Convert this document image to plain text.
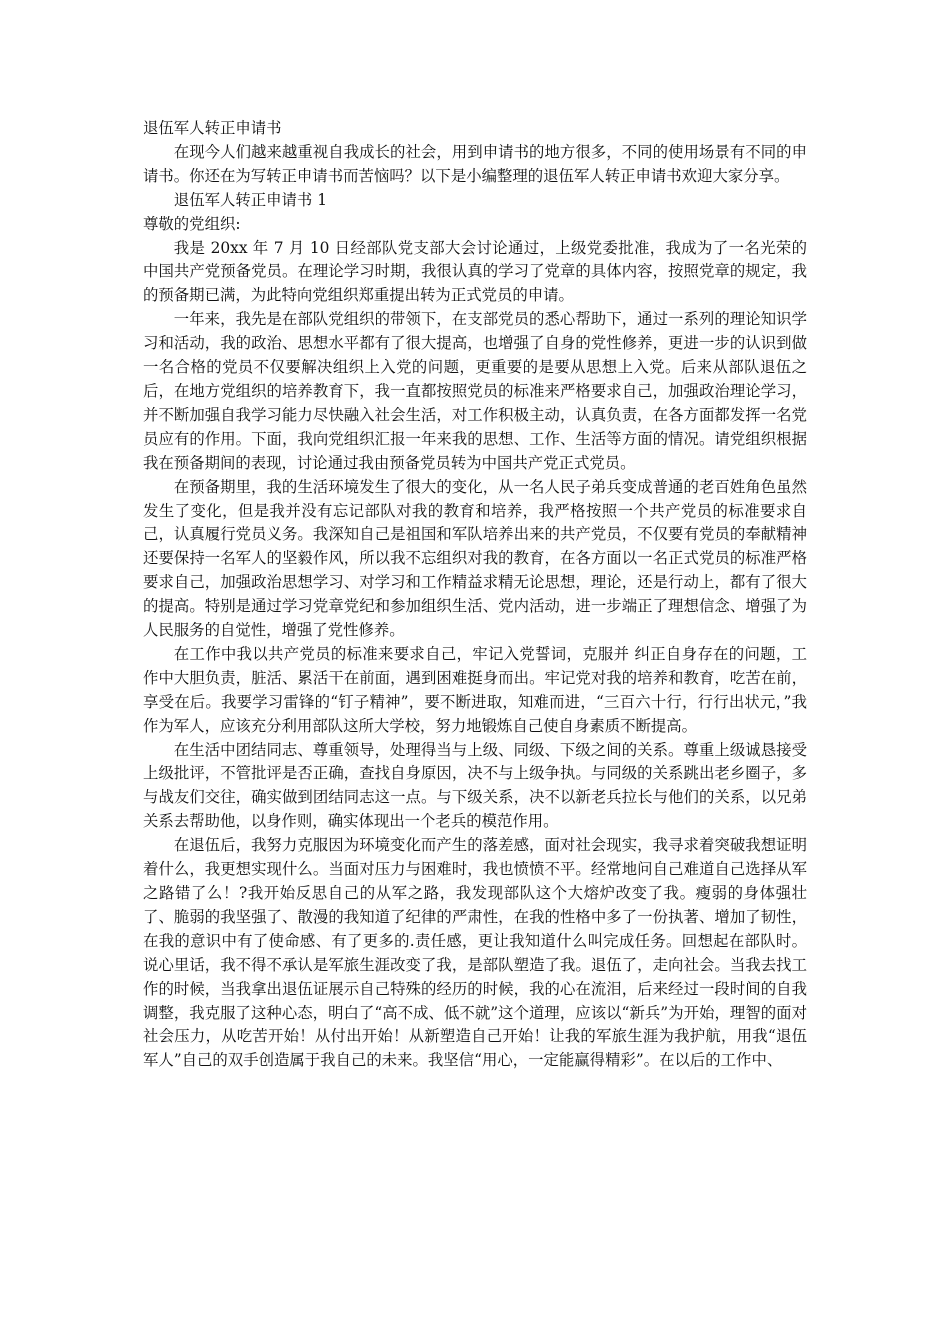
退伍军人转正申请书

在现今人们越来越重视自我成长的社会，用到申请书的地方很多，不同的使用场景有不同的申请书。你还在为写转正申请书而苦恼吗？以下是小编整理的退伍军人转正申请书欢迎大家分享。

退伍军人转正申请书 1

尊敬的党组织:

我是 20xx 年 7 月 10 日经部队党支部大会讨论通过，上级党委批准，我成为了一名光荣的中国共产党预备党员。在理论学习时期，我很认真的学习了党章的具体内容，按照党章的规定，我的预备期已满，为此特向党组织郑重提出转为正式党员的申请。

一年来，我先是在部队党组织的带领下，在支部党员的悉心帮助下，通过一系列的理论知识学习和活动，我的政治、思想水平都有了很大提高，也增强了自身的党性修养，更进一步的认识到做一名合格的党员不仅要解决组织上入党的问题，更重要的是要从思想上入党。后来从部队退伍之后，在地方党组织的培养教育下，我一直都按照党员的标准来严格要求自己，加强政治理论学习，并不断加强自我学习能力尽快融入社会生活，对工作积极主动，认真负责，在各方面都发挥一名党员应有的作用。下面，我向党组织汇报一年来我的思想、工作、生活等方面的情况。请党组织根据我在预备期间的表现，讨论通过我由预备党员转为中国共产党正式党员。

在预备期里，我的生活环境发生了很大的变化，从一名人民子弟兵变成普通的老百姓角色虽然发生了变化，但是我并没有忘记部队对我的教育和培养，我严格按照一个共产党员的标准要求自己，认真履行党员义务。我深知自己是祖国和军队培养出来的共产党员，不仅要有党员的奉献精神还要保持一名军人的坚毅作风，所以我不忘组织对我的教育，在各方面以一名正式党员的标准严格要求自己，加强政治思想学习、对学习和工作精益求精无论思想，理论，还是行动上，都有了很大的提高。特别是通过学习党章党纪和参加组织生活、党内活动，进一步端正了理想信念、增强了为人民服务的自觉性，增强了党性修养。

在工作中我以共产党员的标准来要求自己，牢记入党誓词，克服并 纠正自身存在的问题，工作中大胆负责，脏活、累活干在前面，遇到困难挺身而出。牢记党对我的培养和教育，吃苦在前，享受在后。我要学习雷锋的“钉子精神”，要不断进取，知难而进，“三百六十行，行行出状元，”我作为军人，应该充分利用部队这所大学校，努力地锻炼自己使自身素质不断提高。

在生活中团结同志、尊重领导，处理得当与上级、同级、下级之间的关系。尊重上级诚恳接受上级批评，不管批评是否正确，查找自身原因，决不与上级争执。与同级的关系跳出老乡圈子，多与战友们交往，确实做到团结同志这一点。与下级关系，决不以新老兵拉长与他们的关系，以兄弟关系去帮助他，以身作则，确实体现出一个老兵的模范作用。

在退伍后，我努力克服因为环境变化而产生的落差感，面对社会现实，我寻求着突破我想证明着什么，我更想实现什么。当面对压力与困难时，我也愤愤不平。经常地问自己难道自己选择从军之路错了么！?我开始反思自己的从军之路，我发现部队这个大熔炉改变了我。瘦弱的身体强壮了、脆弱的我坚强了、散漫的我知道了纪律的严肃性，在我的性格中多了一份执著、增加了韧性，在我的意识中有了使命感、有了更多的.责任感，更让我知道什么叫完成任务。回想起在部队时。说心里话，我不得不承认是军旅生涯改变了我，是部队塑造了我。退伍了，走向社会。当我去找工作的时候，当我拿出退伍证展示自己特殊的经历的时候，我的心在流泪，后来经过一段时间的自我调整，我克服了这种心态，明白了“高不成、低不就”这个道理，应该以“新兵”为开始，理智的面对社会压力，从吃苦开始！从付出开始！从新塑造自己开始！让我的军旅生涯为我护航，用我“退伍军人”自己的双手创造属于我自己的未来。我坚信“用心，一定能赢得精彩”。在以后的工作中、
